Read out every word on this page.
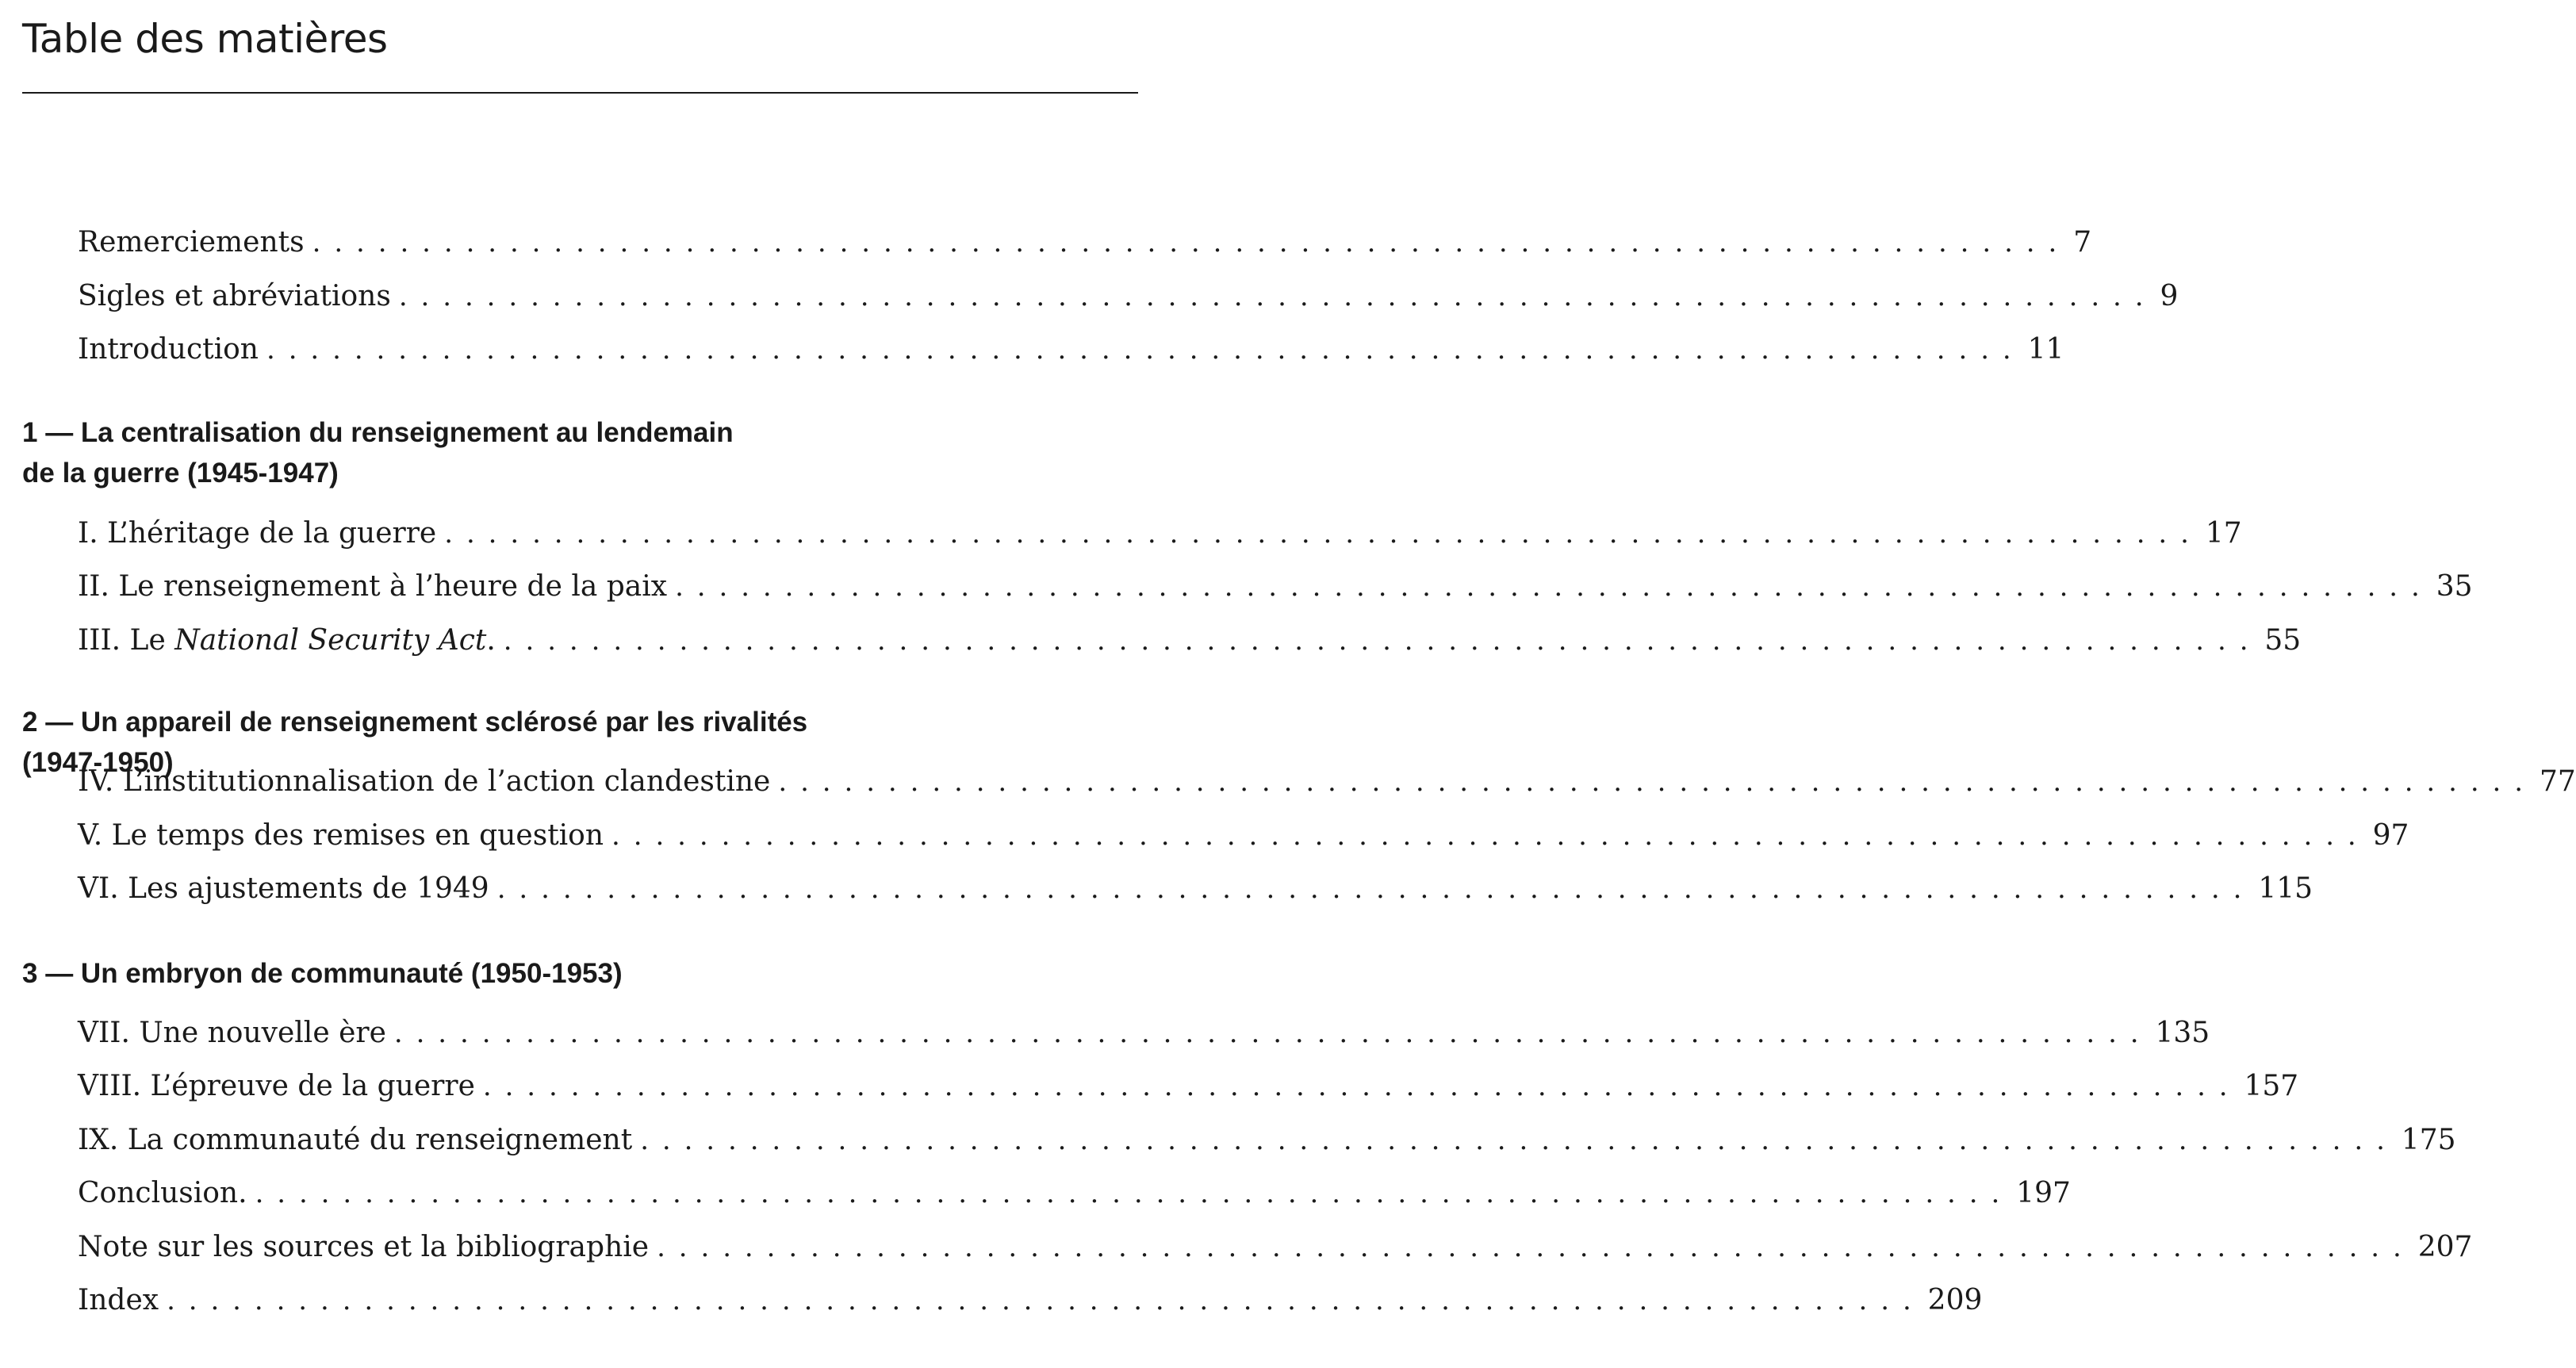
Table des matières
Remerciements ................................................................................ 7
Sigles et abréviations ................................................................................ 9
Introduction ................................................................................ 11
1 — La centralisation du renseignement au lendemain
de la guerre (1945-1947)
I. L’héritage de la guerre ................................................................................ 17
II. Le renseignement à l’heure de la paix ................................................................................ 35
III. Le National Security Act. ................................................................................ 55
2 — Un appareil de renseignement sclérosé par les rivalités (1947-1950)
IV. L’institutionnalisation de l’action clandestine ................................................................................ 77
V. Le temps des remises en question ................................................................................ 97
VI. Les ajustements de 1949 ................................................................................ 115
3 — Un embryon de communauté (1950-1953)
VII. Une nouvelle ère ................................................................................ 135
VIII. L’épreuve de la guerre ................................................................................ 157
IX. La communauté du renseignement ................................................................................ 175
Conclusion. ................................................................................ 197
Note sur les sources et la bibliographie ................................................................................ 207
Index ................................................................................ 209
